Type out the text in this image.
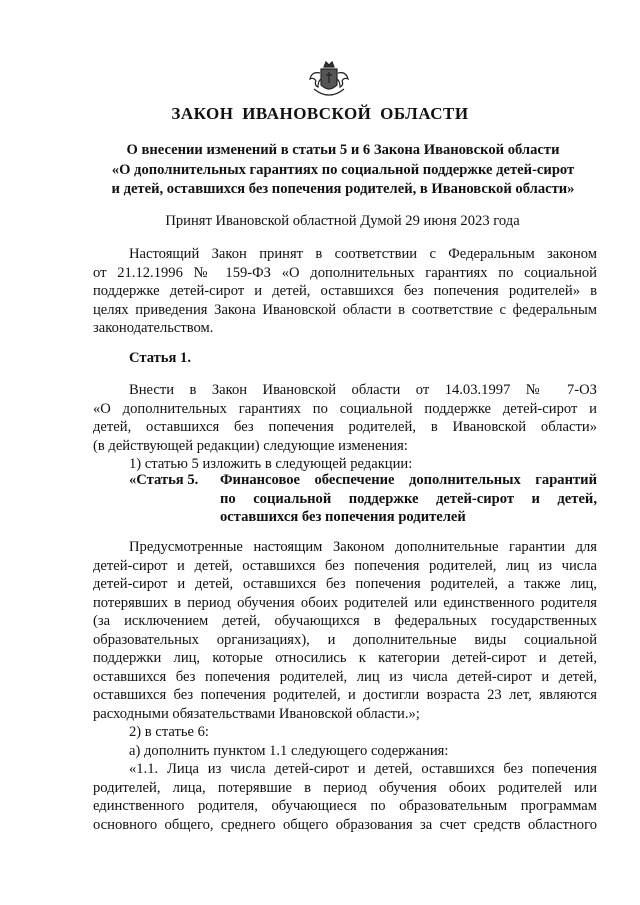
ЗАКОН ИВАНОВСКОЙ ОБЛАСТИ
О внесении изменений в статьи 5 и 6 Закона Ивановской области
«О дополнительных гарантиях по социальной поддержке детей-сирот
и детей, оставшихся без попечения родителей, в Ивановской области»

Принят Ивановской областной Думой 29 июня 2023 года

Настоящий Закон принят в соответствии с Федеральным законом
от 21.12.1996 № 159-ФЗ «О дополнительных гарантиях по социальной
поддержке детей-сирот и детей, оставшихся без попечения родителей» в
целях приведения Закона Ивановской области в соответствие с федеральным
законодательством.

Статья 1.

Внести в Закон Ивановской области от 14.03.1997 № 7-ОЗ
«О дополнительных гарантиях по социальной поддержке детей-сирот и
детей, оставшихся без попечения родителей, в Ивановской области»
(в действующей редакции) следующие изменения:
1) статью 5 изложить в следующей редакции:
«Статья 5. Финансовое обеспечение дополнительных гарантий
по социальной поддержке детей-сирот и детей,
оставшихся без попечения родителей
Предусмотренные настоящим Законом дополнительные гарантии для
детей-сирот и детей, оставшихся без попечения родителей, лиц из числа
детей-сирот и детей, оставшихся без попечения родителей, а также лиц,
потерявших в период обучения обоих родителей или единственного родителя
(за исключением детей, обучающихся в федеральных государственных
образовательных организациях), и дополнительные виды социальной
поддержки лиц, которые относились к категории детей-сирот и детей,
оставшихся без попечения родителей, лиц из числа детей-сирот и детей,
оставшихся без попечения родителей, и достигли возраста 23 лет, являются
расходными обязательствами Ивановской области.»;
2) в статье 6:
а) дополнить пунктом 1.1 следующего содержания:
«1.1. Лица из числа детей-сирот и детей, оставшихся без попечения
родителей, лица, потерявшие в период обучения обоих родителей или
единственного родителя, обучающиеся по образовательным программам
основного общего, среднего общего образования за счет средств областного
